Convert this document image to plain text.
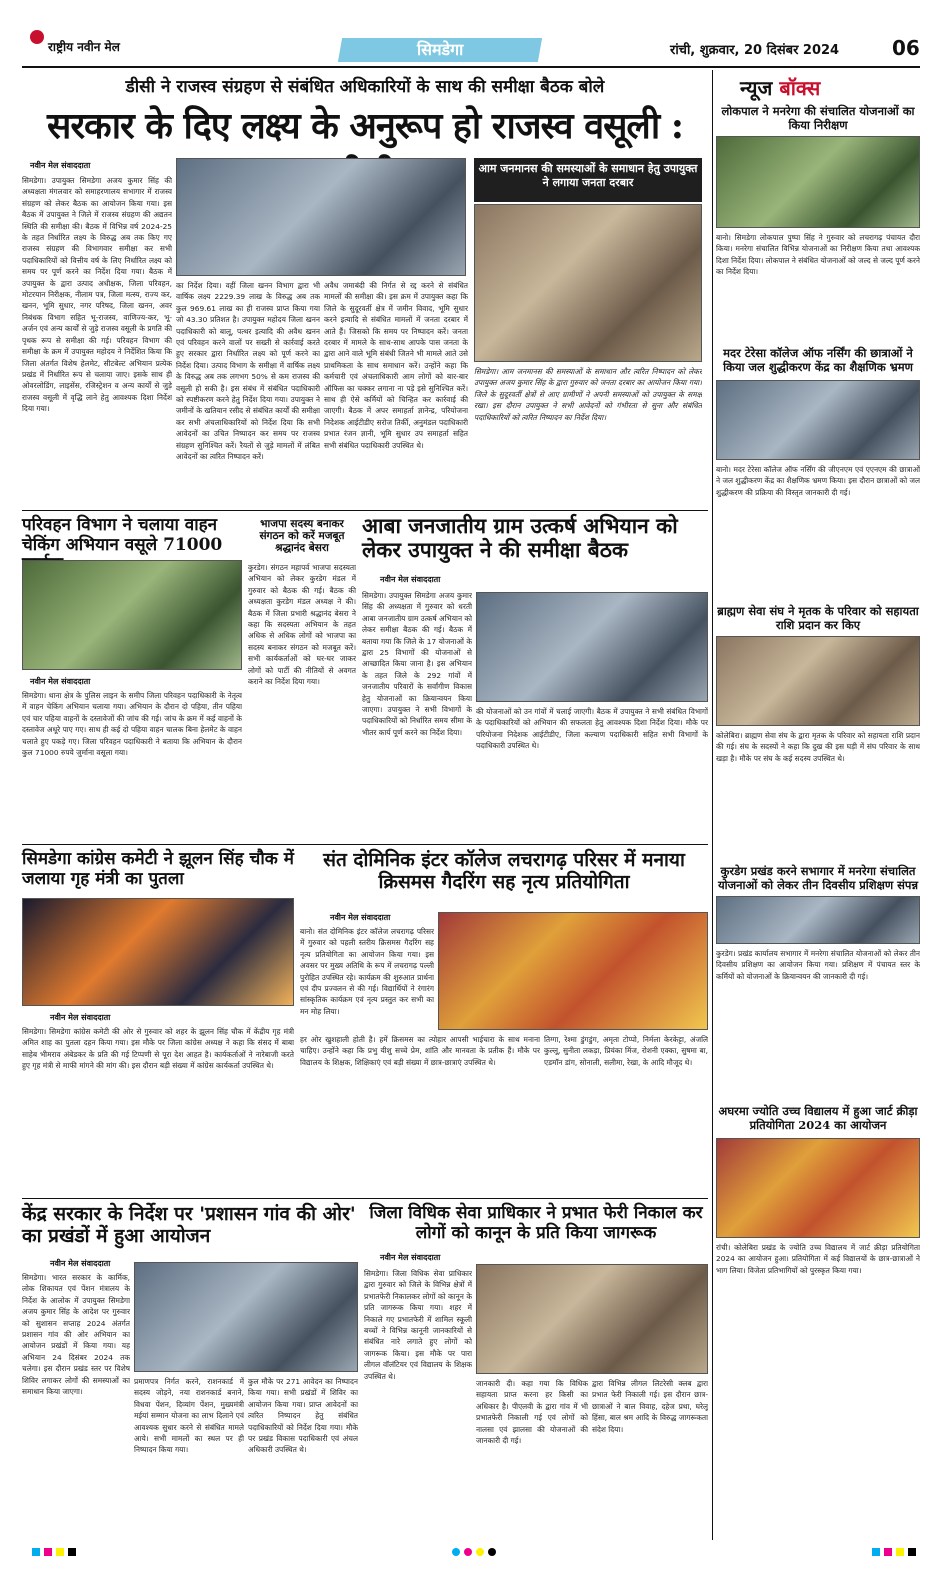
राष्ट्रीय नवीन मेल	सिमडेगा	रांची, शुक्रवार, 20 दिसंबर 2024	06
डीसी ने राजस्व संग्रहण से संबंधित अधिकारियों के साथ की समीक्षा बैठक बोले
सरकार के दिए लक्ष्य के अनुरूप हो राजस्व वसूली :
नवीन मेल संवाददाता
सिमडेगा। उपायुक्त सिमडेगा अजय कुमार सिंह की अध्यक्षता मंगलवार को समाहरणालय सभागार में राजस्व संग्रहण को लेकर बैठक का आयोजन किया गया। इस बैठक में उपायुक्त ने जिले में राजस्व संग्रहण की अद्यतन स्थिति की समीक्षा की। बैठक में विभिन्न वर्ष 2024-25 के तहत निर्धारित लक्ष्य के विरुद्ध अब तक किए गए राजस्व संग्रहण की विभागवार समीक्षा कर सभी पदाधिकारियों को वित्तीय वर्ष के लिए निर्धारित लक्ष्य को समय पर पूर्ण करने का निर्देश दिया गया। बैठक में उपायुक्त के द्वारा उत्पाद अधीक्षक, जिला परिवहन, मोटरयान निरीक्षक, नीलाम पत्र, जिला मत्स्य, राज्य कर, खनन, भूमि सुधार, नगर परिषद, जिला खनन, अवर निबंधक विभाग सहित भू-राजस्व, वाणिज्य-कर, भू-अर्जन एवं अन्य कार्यों से जुड़े राजस्व वसूली के प्रगति की पृथक रूप से समीक्षा की गई। परिवहन विभाग की समीक्षा के क्रम में उपायुक्त महोदय ने निर्देशित किया कि जिला अंतर्गत विशेष हेलमेट, सीटबेल्ट अभियान प्रत्येक प्रखंड में निर्धारित रूप से चलाया जाए। इसके साथ ही ओवरलोडिंग, लाइसेंस, रजिस्ट्रेशन व अन्य कार्यों से जुड़े राजस्व वसूली में वृद्धि लाने हेतु आवश्यक दिशा निर्देश दिया गया।
का निर्देश दिया। वहीं जिला खनन विभाग द्वारा भी वार्षिक लक्ष्य 2229.39 लाख के विरुद्ध अब तक कुल 969.61 लाख का ही राजस्व प्राप्त किया गया जो 43.30 प्रतिशत है। उपायुक्त महोदय जिला खनन पदाधिकारी को बालू, पत्थर इत्यादि की अवैध खनन एवं परिवहन करने वालों पर सख्ती से कार्रवाई करते हुए सरकार द्वारा निर्धारित लक्ष्य को पूर्ण करने का निर्देश दिया। उत्पाद विभाग के समीक्षा में वार्षिक लक्ष्य के विरुद्ध अब तक लगभग 50% से कम राजस्व की वसूली हो सकी है। इस संबंध में संबंधित पदाधिकारी को स्पष्टीकरण करने हेतु निर्देश दिया गया। उपायुक्त ने जमीनों के खतियान रसीद से संबंधित कार्यों की समीक्षा कर सभी अंचलाधिकारियों को निर्देश दिया कि सभी आवेदनों का उचित निष्पादन कर समय पर राजस्व संग्रहण सुनिश्चित करें। रैयतों से जुड़े मामलों में लंबित आवेदनों का त्वरित निष्पादन करें।
अवैध जमाबंदी की निर्गत से रद्द करने से संबंधित मामलों की समीक्षा की। इस क्रम में उपायुक्त कहा कि जिले के सुदूरवर्ती क्षेत्र में जमीन विवाद, भूमि सुधार करने इत्यादि से संबंधित मामलों में जनता दरबार में आते हैं। जिसको कि समय पर निष्पादन करें। जनता दरबार में मामले के साथ-साथ आपके पास जनता के द्वारा आने वाले भूमि संबंधी जितने भी मामले आते उसे प्राथमिकता के साथ समाधान करें। उन्होंने कहा कि कर्मचारी एवं अंचलाधिकारी आम लोगों को बार-बार ऑफिस का चक्कर लगाना ना पड़े इसे सुनिश्चित करें। साथ ही ऐसे कर्मियों को चिन्हित कर कार्रवाई की जाएगी। बैठक में अपर समाहर्ता ज्ञानेन्द्र, परियोजना निदेशक आईटीडीए सरोज तिर्की, अनुमंडल पदाधिकारी प्रभात रंजन ज्ञानी, भूमि सुधार उप समाहर्ता सहित सभी संबंधित पदाधिकारी उपस्थित थे।
आम जनमानस की समस्याओं के समाधान हेतु उपायुक्त ने लगाया जनता दरबार
सिमडेगा। आम जनमानस की समस्याओं के समाधान और त्वरित निष्पादन को लेकर उपायुक्त अजय कुमार सिंह के द्वारा गुरुवार को जनता दरबार का आयोजन किया गया। जिले के सुदूरवर्ती क्षेत्रों से आए ग्रामीणों ने अपनी समस्याओं को उपायुक्त के समक्ष रखा। इस दौरान उपायुक्त ने सभी आवेदनों को गंभीरता से सुना और संबंधित पदाधिकारियों को त्वरित निष्पादन का निर्देश दिया।
परिवहन विभाग ने चलाया वाहन चेकिंग अभियान वसूले 71000
नवीन मेल संवाददाता
सिमडेगा। थाना क्षेत्र के पुलिस लाइन के समीप जिला परिवहन पदाधिकारी के नेतृत्व में वाहन चेकिंग अभियान चलाया गया। अभियान के दौरान दो पहिया, तीन पहिया एवं चार पहिया वाहनों के दस्तावेजों की जांच की गई। जांच के क्रम में कई वाहनों के दस्तावेज अधूरे पाए गए। साथ ही कई दो पहिया वाहन चालक बिना हेलमेट के वाहन चलाते हुए पकड़े गए। जिला परिवहन पदाधिकारी ने बताया कि अभियान के दौरान कुल 71000 रुपये जुर्माना वसूला गया।
भाजपा सदस्य बनाकर संगठन को करें मजबूत श्रद्धानंद बेसरा
कुरडेग। संगठन महापर्व भाजपा सदस्यता अभियान को लेकर कुरडेग मंडल में गुरुवार को बैठक की गई। बैठक की अध्यक्षता कुरडेग मंडल अध्यक्ष ने की। बैठक में जिला प्रभारी श्रद्धानंद बेसरा ने कहा कि सदस्यता अभियान के तहत अधिक से अधिक लोगों को भाजपा का सदस्य बनाकर संगठन को मजबूत करें। सभी कार्यकर्ताओं को घर-घर जाकर लोगों को पार्टी की नीतियों से अवगत कराने का निर्देश दिया गया।
आबा जनजातीय ग्राम उत्कर्ष अभियान को लेकर उपायुक्त ने की समीक्षा बैठक
नवीन मेल संवाददाता
सिमडेगा। उपायुक्त सिमडेगा अजय कुमार सिंह की अध्यक्षता में गुरुवार को धरती आबा जनजातीय ग्राम उत्कर्ष अभियान को लेकर समीक्षा बैठक की गई। बैठक में बताया गया कि जिले के 17 योजनाओं के द्वारा 25 विभागों की योजनाओं से आच्छादित किया जाना है। इस अभियान के तहत जिले के 292 गांवों में जनजातीय परिवारों के सर्वांगीण विकास हेतु योजनाओं का क्रियान्वयन किया जाएगा। उपायुक्त ने सभी विभागों के पदाधिकारियों को निर्धारित समय सीमा के भीतर कार्य पूर्ण करने का निर्देश दिया।
की योजनाओं को उन गांवों में चलाई जाएगी। बैठक में उपायुक्त ने सभी संबंधित विभागों के पदाधिकारियों को अभियान की सफलता हेतु आवश्यक दिशा निर्देश दिया। मौके पर परियोजना निदेशक आईटीडीए, जिला कल्याण पदाधिकारी सहित सभी विभागों के पदाधिकारी उपस्थित थे।
सिमडेगा कांग्रेस कमेटी ने झूलन सिंह चौक में जलाया गृह मंत्री का पुतला
नवीन मेल संवाददाता
सिमडेगा। सिमडेगा कांग्रेस कमेटी की ओर से गुरुवार को शहर के झूलन सिंह चौक में केंद्रीय गृह मंत्री अमित शाह का पुतला दहन किया गया। इस मौके पर जिला कांग्रेस अध्यक्ष ने कहा कि संसद में बाबा साहेब भीमराव अंबेडकर के प्रति की गई टिप्पणी से पूरा देश आहत है। कार्यकर्ताओं ने नारेबाजी करते हुए गृह मंत्री से माफी मांगने की मांग की। इस दौरान बड़ी संख्या में कांग्रेस कार्यकर्ता उपस्थित थे।
संत दोमिनिक इंटर कॉलेज लचरागढ़ परिसर में मनाया क्रिसमस गैदरिंग सह नृत्य प्रतियोगिता
नवीन मेल संवाददाता
बानो। संत दोमिनिक इंटर कॉलेज लचरागढ़ परिसर में गुरुवार को पहली स्तरीय क्रिसमस गैदरिंग सह नृत्य प्रतियोगिता का आयोजन किया गया। इस अवसर पर मुख्य अतिथि के रूप में लचरागढ़ पल्ली पुरोहित उपस्थित रहे। कार्यक्रम की शुरुआत प्रार्थना एवं दीप प्रज्वलन से की गई। विद्यार्थियों ने रंगारंग सांस्कृतिक कार्यक्रम एवं नृत्य प्रस्तुत कर सभी का मन मोह लिया।
हर ओर खुशहाली होती है। हमें क्रिसमस का त्योहार आपसी भाईचारा के साथ मनाना चाहिए। उन्होंने कहा कि प्रभु यीशु सच्चे प्रेम, शांति और मानवता के प्रतीक हैं। मौके पर विद्यालय के शिक्षक, शिक्षिकाएं एवं बड़ी संख्या में छात्र-छात्राएं उपस्थित थे।
तिग्गा, रेश्मा डुंगडुंग, अमृता टोप्पो, निर्मला केरकेट्टा, अंजलि कुल्लू, सुनीता लकड़ा, प्रियंका मिंज, रोशनी एक्का, सुषमा बा, एडमॉन डांग, सोनाली, सलीमा, रेखा, के आदि मौजूद थे।
केंद्र सरकार के निर्देश पर 'प्रशासन गांव की ओर' का प्रखंडों में हुआ आयोजन
नवीन मेल संवाददाता
सिमडेगा। भारत सरकार के कार्मिक, लोक शिकायत एवं पेंशन मंत्रालय के निर्देश के आलोक में उपायुक्त सिमडेगा अजय कुमार सिंह के आदेश पर गुरुवार को सुशासन सप्ताह 2024 अंतर्गत प्रशासन गांव की ओर अभियान का आयोजन प्रखंडों में किया गया। यह अभियान 24 दिसंबर 2024 तक चलेगा। इस दौरान प्रखंड स्तर पर विशेष शिविर लगाकर लोगों की समस्याओं का समाधान किया जाएगा।
प्रमाणपत्र निर्गत करने, राशनकार्ड में सदस्य जोड़ने, नया राशनकार्ड बनाने, विधवा पेंशन, दिव्यांग पेंशन, मुख्यमंत्री मईयां सम्मान योजना का लाभ दिलाने एवं आवश्यक सुधार करने से संबंधित मामले आये। सभी मामलों का स्थल पर ही निष्पादन किया गया।
कुल मौके पर 271 आवेदन का निष्पादन किया गया। सभी प्रखंडों में शिविर का आयोजन किया गया। प्राप्त आवेदनों का त्वरित निष्पादन हेतु संबंधित पदाधिकारियों को निर्देश दिया गया। मौके पर प्रखंड विकास पदाधिकारी एवं अंचल अधिकारी उपस्थित थे।
जिला विधिक सेवा प्राधिकार ने प्रभात फेरी निकाल कर लोगों को कानून के प्रति किया जागरूक
नवीन मेल संवाददाता
सिमडेगा। जिला विधिक सेवा प्राधिकार द्वारा गुरुवार को जिले के विभिन्न क्षेत्रों में प्रभातफेरी निकालकर लोगों को कानून के प्रति जागरूक किया गया। शहर में निकाले गए प्रभातफेरी में शामिल स्कूली बच्चों ने विभिन्न कानूनी जानकारियों से संबंधित नारे लगाते हुए लोगों को जागरूक किया। इस मौके पर पारा लीगल वॉलंटियर एवं विद्यालय के शिक्षक उपस्थित थे।
जानकारी दी। कहा गया कि विधिक सहायता प्राप्त करना हर किसी का अधिकार है। पीएलवी के द्वारा गांव में भी प्रभातफेरी निकाली गई एवं लोगों को नालसा एवं झालसा की योजनाओं की जानकारी दी गई।
द्वारा विभिन्न लीगल लिटरेसी क्लब द्वारा प्रभात फेरी निकाली गई। इस दौरान छात्र-छात्राओं ने बाल विवाह, दहेज प्रथा, घरेलू हिंसा, बाल श्रम आदि के विरुद्ध जागरूकता संदेश दिया।
न्यूज बॉक्स
लोकपाल ने मनरेगा की संचालित योजनाओं का किया निरीक्षण
बानो। सिमडेगा लोकपाल पुष्पा सिंह ने गुरुवार को लचरागढ़ पंचायत दौरा किया। मनरेगा संचालित विभिन्न योजनाओं का निरीक्षण किया तथा आवश्यक दिशा निर्देश दिया। लोकपाल ने संबंधित योजनाओं को जल्द से जल्द पूर्ण करने का निर्देश दिया।
मदर टेरेसा कॉलेज ऑफ नर्सिंग की छात्राओं ने किया जल शुद्धीकरण केंद्र का शैक्षणिक भ्रमण
बानो। मदर टेरेसा कॉलेज ऑफ नर्सिंग की जीएनएम एवं एएनएम की छात्राओं ने जल शुद्धीकरण केंद्र का शैक्षणिक भ्रमण किया। इस दौरान छात्राओं को जल शुद्धीकरण की प्रक्रिया की विस्तृत जानकारी दी गई।
ब्राह्मण सेवा संघ ने मृतक के परिवार को सहायता राशि प्रदान कर किए
कोलेबिरा। ब्राह्मण सेवा संघ के द्वारा मृतक के परिवार को सहायता राशि प्रदान की गई। संघ के सदस्यों ने कहा कि दुख की इस घड़ी में संघ परिवार के साथ खड़ा है। मौके पर संघ के कई सदस्य उपस्थित थे।
कुरडेग प्रखंड करने सभागार में मनरेगा संचालित योजनाओं को लेकर तीन दिवसीय प्रशिक्षण संपन्न
कुरडेग। प्रखंड कार्यालय सभागार में मनरेगा संचालित योजनाओं को लेकर तीन दिवसीय प्रशिक्षण का आयोजन किया गया। प्रशिक्षण में पंचायत स्तर के कर्मियों को योजनाओं के क्रियान्वयन की जानकारी दी गई।
अघरमा ज्योति उच्च विद्यालय में हुआ जार्ट क्रीड़ा प्रतियोगिता 2024 का आयोजन
रांची। कोलेबिरा प्रखंड के ज्योति उच्च विद्यालय में जार्ट क्रीड़ा प्रतियोगिता 2024 का आयोजन हुआ। प्रतियोगिता में कई विद्यालयों के छात्र-छात्राओं ने भाग लिया। विजेता प्रतिभागियों को पुरस्कृत किया गया।
